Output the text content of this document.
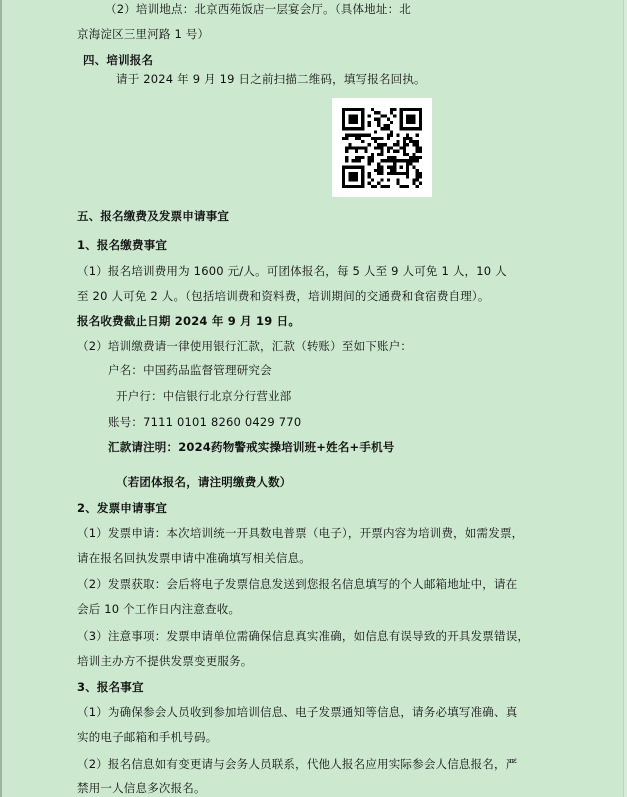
（2）培训地点：北京西苑饭店一层宴会厅。（具体地址：北
京海淀区三里河路 1 号）
四、培训报名
请于 2024 年 9 月 19 日之前扫描二维码，填写报名回执。
五、报名缴费及发票申请事宜
1、报名缴费事宜
（1）报名培训费用为 1600 元/人。可团体报名，每 5 人至 9 人可免 1 人，10 人
至 20 人可免 2 人。（包括培训费和资料费，培训期间的交通费和食宿费自理）。
报名收费截止日期 2024 年 9 月 19 日。
（2）培训缴费请一律使用银行汇款，汇款（转账）至如下账户：
户名：中国药品监督管理研究会
开户行：中信银行北京分行营业部
账号：7111 0101 8260 0429 770
汇款请注明：2024药物警戒实操培训班+姓名+手机号
（若团体报名，请注明缴费人数）
2、发票申请事宜
（1）发票申请：本次培训统一开具数电普票（电子），开票内容为培训费，如需发票，
请在报名回执发票申请中准确填写相关信息。
（2）发票获取：会后将电子发票信息发送到您报名信息填写的个人邮箱地址中，请在
会后 10 个工作日内注意查收。
（3）注意事项：发票申请单位需确保信息真实准确，如信息有误导致的开具发票错误，
培训主办方不提供发票变更服务。
3、报名事宜
（1）为确保参会人员收到参加培训信息、电子发票通知等信息，请务必填写准确、真
实的电子邮箱和手机号码。
（2）报名信息如有变更请与会务人员联系，代他人报名应用实际参会人信息报名，严
禁用一人信息多次报名。
